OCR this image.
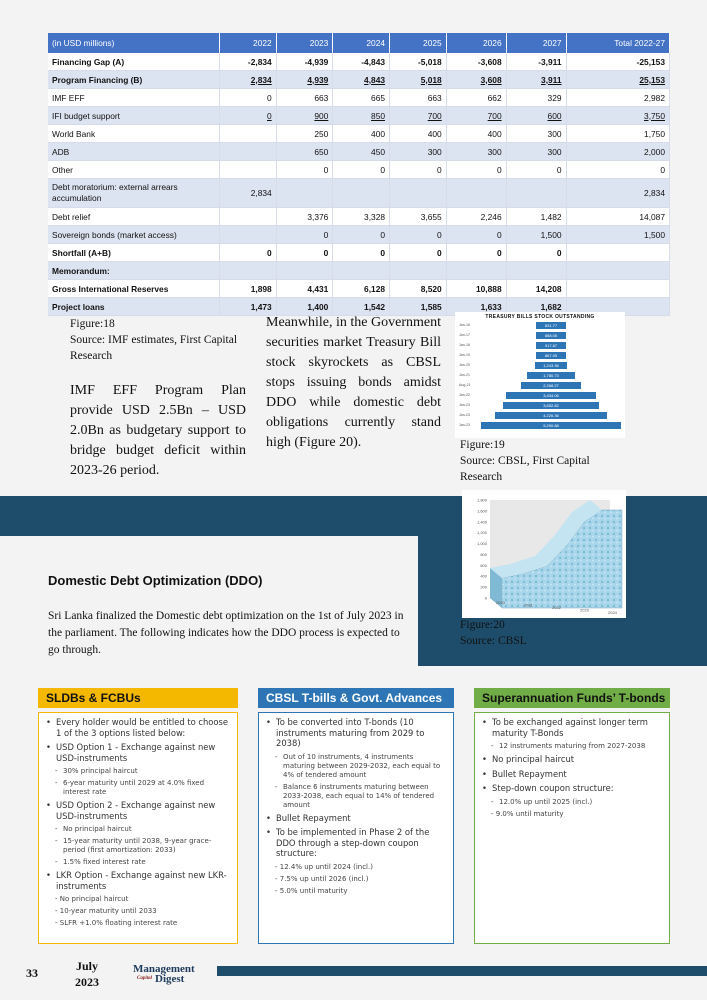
(in USD millions)	2022	2023	2024	2025	2026	2027	Total 2022-27
Financing Gap (A)	-2,834	-4,939	-4,843	-5,018	-3,608	-3,911	-25,153
Program Financing (B)	2,834	4,939	4,843	5,018	3,608	3,911	25,153
IMF EFF	0	663	665	663	662	329	2,982
IFI budget support	0	900	850	700	700	600	3,750
World Bank		250	400	400	400	300	1,750
ADB		650	450	300	300	300	2,000
Other		0	0	0	0	0	0
Debt moratorium: external arrears accumulation	2,834						2,834
Debt relief		3,376	3,328	3,655	2,246	1,482	14,087
Sovereign bonds (market access)		0	0	0	0	1,500	1,500
Shortfall (A+B)	0	0	0	0	0	0	
Memorandum:							
Gross International Reserves	1,898	4,431	6,128	8,520	10,888	14,208	
Project loans	1,473	1,400	1,542	1,585	1,633	1,682	
Figure:18
Source: IMF estimates, First Capital Research
IMF EFF Program Plan provide USD 2.5Bn – USD 2.0Bn as budgetary support to bridge budget deficit within 2023-26 period.
Meanwhile, in the Government securities market Treasury Bill stock skyrockets as CBSL stops issuing bonds amidst DDO while domestic debt obligations currently stand high (Figure 20).
TREASURY BILLS STOCK OUTSTANDING
Jan-16	831.77
Jan-17	888.05
Jan-18	917.87
Jan-19	867.05
Jan-20	1,243.36
Jan-21	1,780.73
Aug-21	2,268.27
Jan-22	3,434.06
Jan-23	3,652.82
Jan-23	4,226.36
Jan-23	5,290.88
Figure:19
Source: CBSL, First Capital Research
1,800
1,600
1,400
1,200
1,000
800
600
400
200
0
2020	2021	2022	2023	2024
Figure:20
Source: CBSL
Domestic Debt Optimization (DDO)
Sri Lanka finalized the Domestic debt optimization on the 1st of July 2023 in the parliament. The following indicates how the DDO process is expected to go through.
SLDBs & FCBUs
• Every holder would be entitled to choose 1 of the 3 options listed below:
• USD Option 1 - Exchange against new USD-instruments
- 30% principal haircut
- 6-year maturity until 2029 at 4.0% fixed interest rate
• USD Option 2 - Exchange against new USD-instruments
- No principal haircut
- 15-year maturity until 2038, 9-year grace-period (first amortization: 2033)
- 1.5% fixed interest rate
• LKR Option - Exchange against new LKR-instruments
- No principal haircut
- 10-year maturity until 2033
- SLFR +1.0% floating interest rate
CBSL T-bills & Govt. Advances
• To be converted into T-bonds (10 instruments maturing from 2029 to 2038)
- Out of 10 instruments, 4 instruments maturing between 2029-2032, each equal to 4% of tendered amount
- Balance 6 instruments maturing between 2033-2038, each equal to 14% of tendered amount
• Bullet Repayment
• To be implemented in Phase 2 of the DDO through a step-down coupon structure:
- 12.4% up until 2024 (incl.)
- 7.5% up until 2026 (incl.)
- 5.0% until maturity
Superannuation Funds’ T-bonds
• To be exchanged against longer term maturity T-Bonds
- 12 instruments maturing from 2027-2038
• No principal haircut
• Bullet Repayment
• Step-down coupon structure:
- 12.0% up until 2025 (incl.)
- 9.0% until maturity
33	July
2023
Management
Capital Digest
